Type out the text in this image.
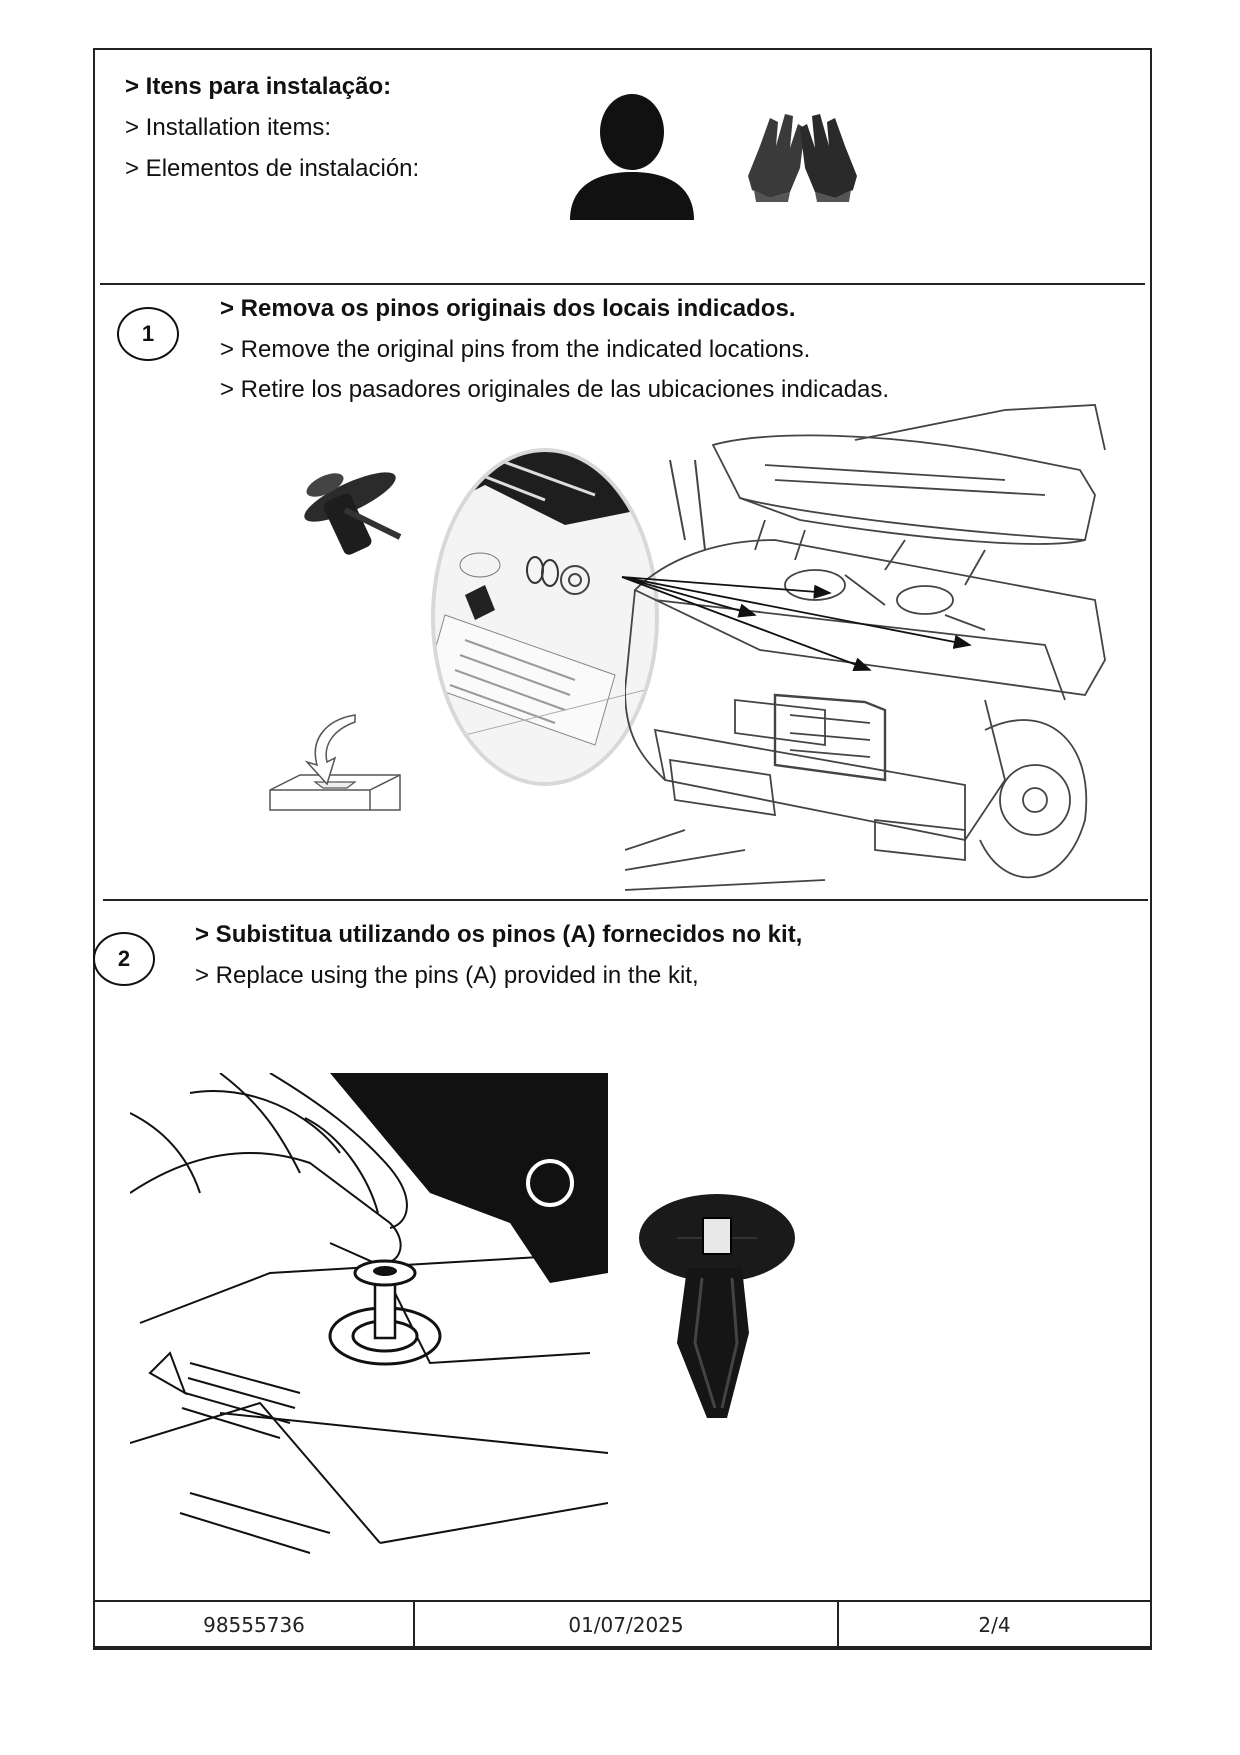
> Itens para instalação:

> Installation items:

> Elementos de instalación:

1

> Remova os pinos originais dos locais indicados.

> Remove the original pins from the indicated locations.

> Retire los pasadores originales de las ubicaciones indicadas.

2

> Subistitua utilizando os pinos (A) fornecidos no kit,

> Replace using the pins (A) provided in the kit,

98555736	01/07/2025	2/4
